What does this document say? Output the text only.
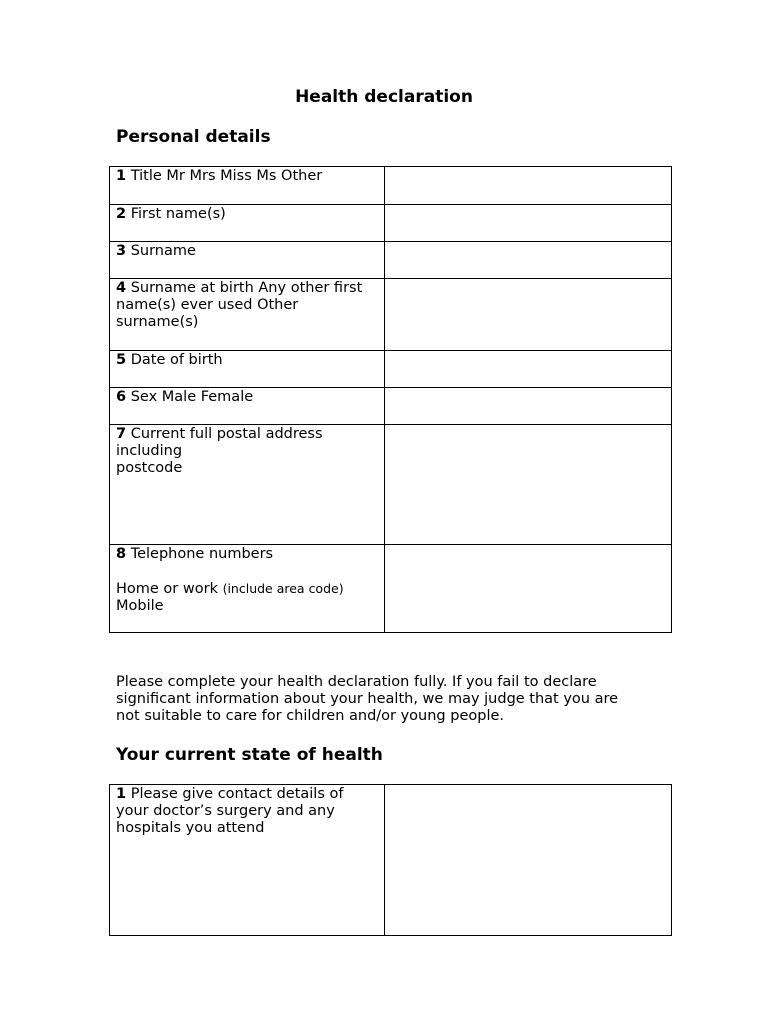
Health declaration
Personal details
1 Title Mr Mrs Miss Ms Other	
2 First name(s)	
3 Surname	
4 Surname at birth Any other first name(s) ever used Other surname(s)	
5 Date of birth	
6 Sex Male Female	
7 Current full postal address including
postcode	
8 Telephone numbers
Home or work (include area code)
Mobile	
Please complete your health declaration fully. If you fail to declare significant information about your health, we may judge that you are not suitable to care for children and/or young people.
Your current state of health
1 Please give contact details of your doctor’s surgery and any hospitals you attend	
